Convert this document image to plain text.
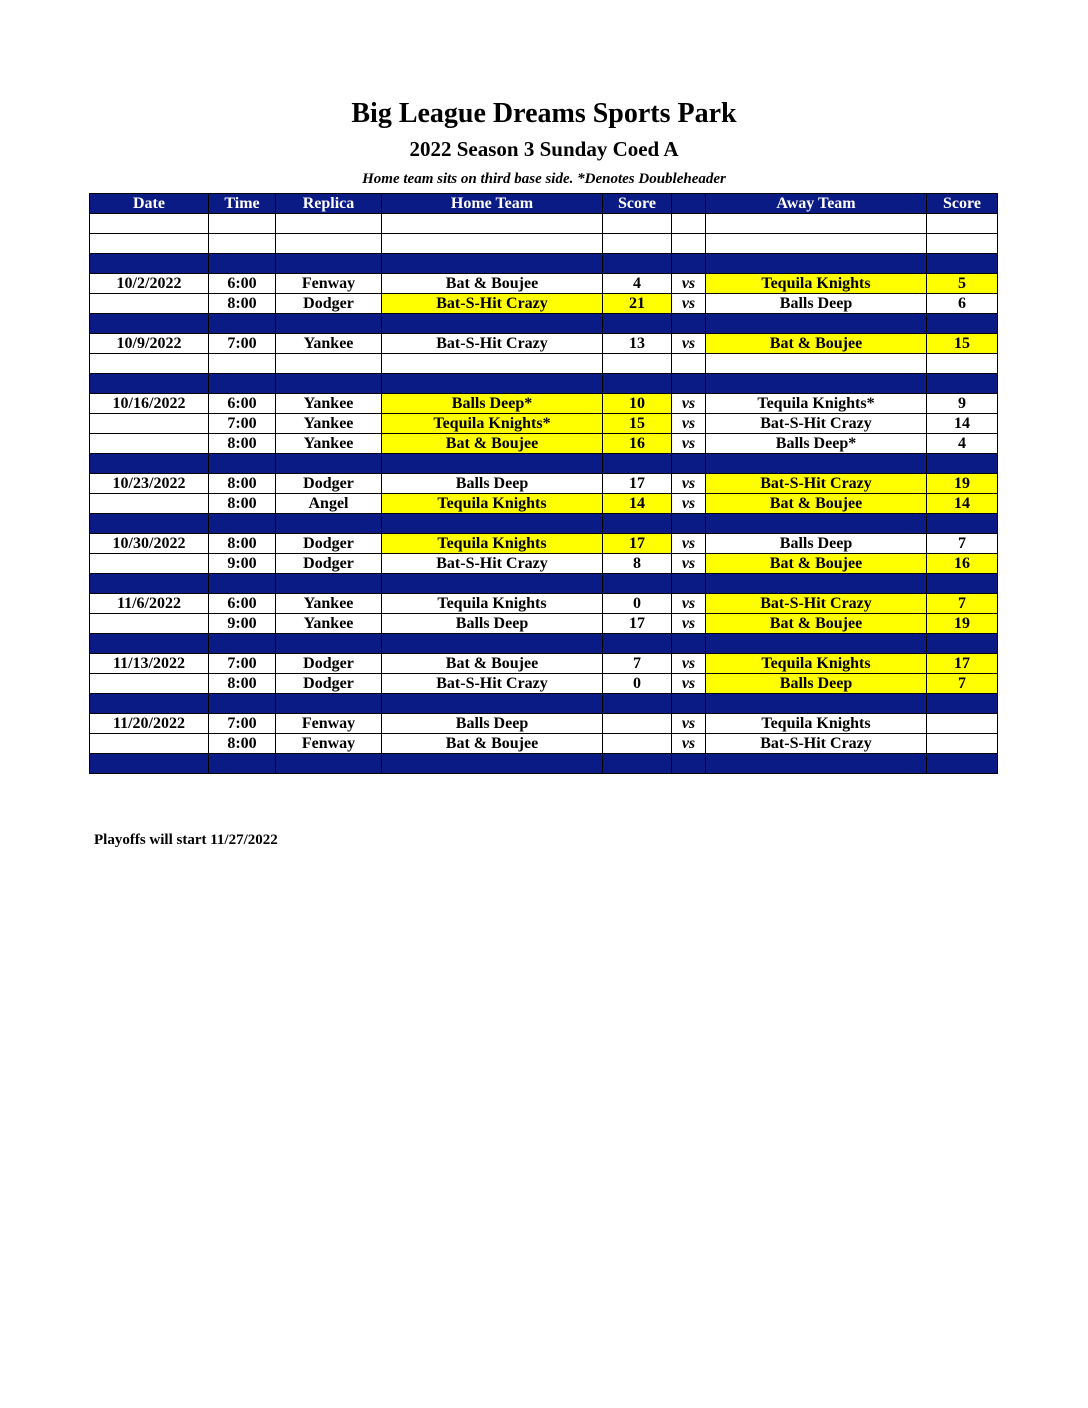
Big League Dreams Sports Park
2022 Season 3 Sunday Coed A
Home team sits on third base side. *Denotes Doubleheader
Date	Time	Replica	Home Team	Score		Away Team	Score

10/2/2022	6:00	Fenway	Bat & Boujee	4	vs	Tequila Knights	5
	8:00	Dodger	Bat-S-Hit Crazy	21	vs	Balls Deep	6

10/9/2022	7:00	Yankee	Bat-S-Hit Crazy	13	vs	Bat & Boujee	15

10/16/2022	6:00	Yankee	Balls Deep*	10	vs	Tequila Knights*	9
	7:00	Yankee	Tequila Knights*	15	vs	Bat-S-Hit Crazy	14
	8:00	Yankee	Bat & Boujee	16	vs	Balls Deep*	4

10/23/2022	8:00	Dodger	Balls Deep	17	vs	Bat-S-Hit Crazy	19
	8:00	Angel	Tequila Knights	14	vs	Bat & Boujee	14

10/30/2022	8:00	Dodger	Tequila Knights	17	vs	Balls Deep	7
	9:00	Dodger	Bat-S-Hit Crazy	8	vs	Bat & Boujee	16

11/6/2022	6:00	Yankee	Tequila Knights	0	vs	Bat-S-Hit Crazy	7
	9:00	Yankee	Balls Deep	17	vs	Bat & Boujee	19

11/13/2022	7:00	Dodger	Bat & Boujee	7	vs	Tequila Knights	17
	8:00	Dodger	Bat-S-Hit Crazy	0	vs	Balls Deep	7

11/20/2022	7:00	Fenway	Balls Deep		vs	Tequila Knights	
	8:00	Fenway	Bat & Boujee		vs	Bat-S-Hit Crazy	

Playoffs will start 11/27/2022
